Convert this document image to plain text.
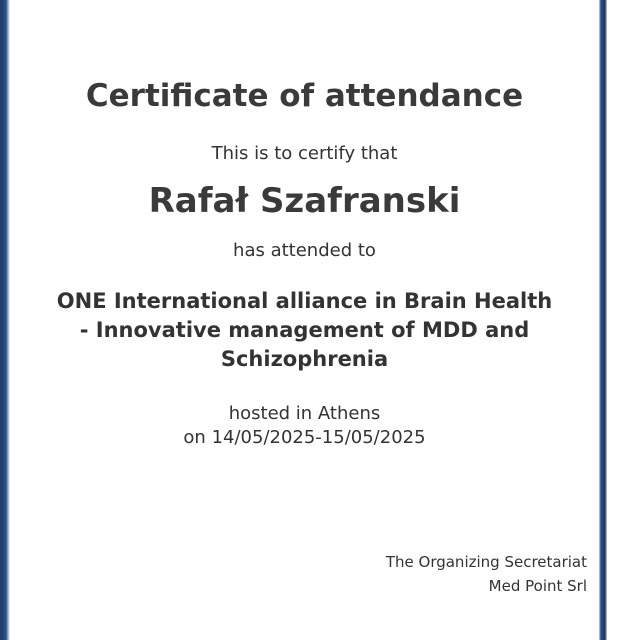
Certificate of attendance

This is to certify that

Rafał Szafranski

has attended to

ONE International alliance in Brain Health
- Innovative management of MDD and
Schizophrenia
hosted in Athens
on 14/05/2025-15/05/2025
The Organizing Secretariat
Med Point Srl
